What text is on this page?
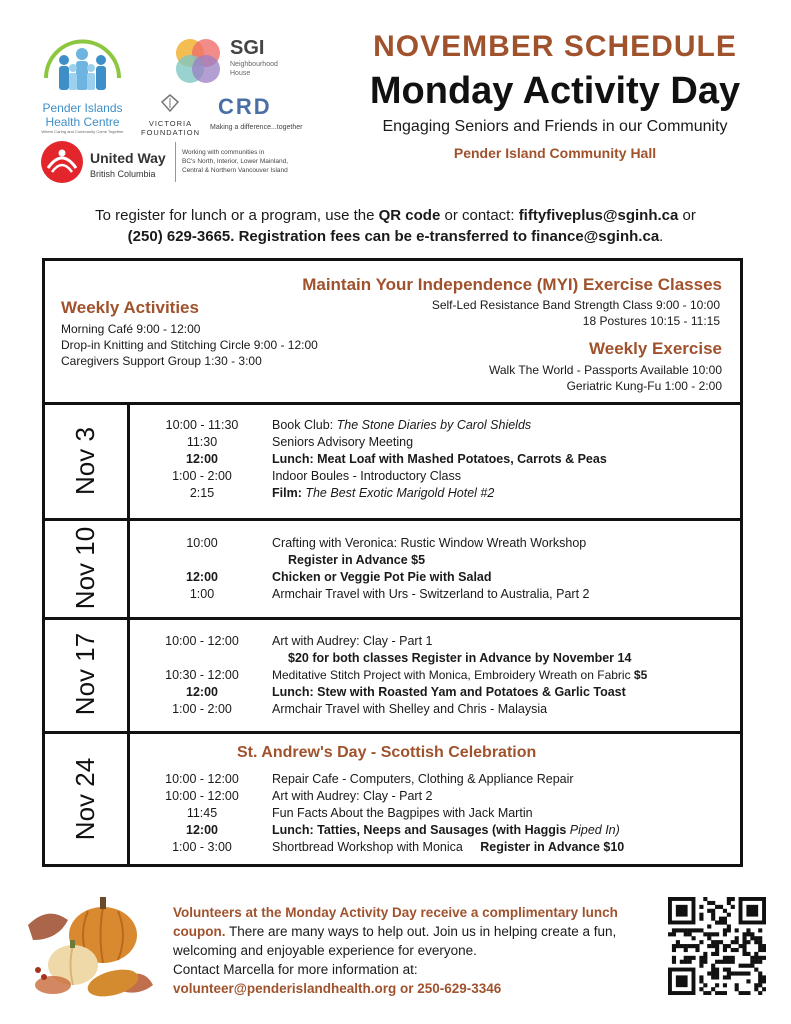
Pender Islands
Health Centre
Where Caring and Community Come Together
SGI
Neighbourhood
House
VICTORIA FOUNDATION
CRD
Making a difference...together
United Way
British Columbia
Working with communities in
BC's North, Interior, Lower Mainland,
Central & Northern Vancouver Island
NOVEMBER SCHEDULE
Monday Activity Day
Engaging Seniors and Friends in our Community
Pender Island Community Hall
To register for lunch or a program, use the QR code or contact: fiftyfiveplus@sginh.ca or
(250) 629-3665. Registration fees can be e-transferred to finance@sginh.ca.
Weekly Activities
Morning Café 9:00 - 12:00
Drop-in Knitting and Stitching Circle 9:00 - 12:00
Caregivers Support Group 1:30 - 3:00
Maintain Your Independence (MYI) Exercise Classes
Self-Led Resistance Band Strength Class 9:00 - 10:00
18 Postures 10:15 - 11:15
Weekly Exercise
Walk The World - Passports Available 10:00
Geriatric Kung-Fu 1:00 - 2:00
Nov 3
10:00 - 11:30	Book Club: The Stone Diaries by Carol Shields
11:30	Seniors Advisory Meeting
12:00	Lunch: Meat Loaf with Mashed Potatoes, Carrots & Peas
1:00 - 2:00	Indoor Boules - Introductory Class
2:15	Film: The Best Exotic Marigold Hotel #2
Nov 10	10:00	Crafting with Veronica: Rustic Window Wreath Workshop
Register in Advance $5
12:00	Chicken or Veggie Pot Pie with Salad
1:00	Armchair Travel with Urs - Switzerland to Australia, Part 2
Nov 17	10:00 - 12:00	Art with Audrey: Clay - Part 1
$20 for both classes Register in Advance by November 14
10:30 - 12:00	Meditative Stitch Project with Monica, Embroidery Wreath on Fabric $5
12:00	Lunch: Stew with Roasted Yam and Potatoes & Garlic Toast
1:00 - 2:00	Armchair Travel with Shelley and Chris - Malaysia
Nov 24
St. Andrew's Day - Scottish Celebration
10:00 - 12:00	Repair Cafe - Computers, Clothing & Appliance Repair
10:00 - 12:00	Art with Audrey: Clay - Part 2
11:45	Fun Facts About the Bagpipes with Jack Martin
12:00	Lunch: Tatties, Neeps and Sausages (with Haggis Piped In)
1:00 - 3:00	Shortbread Workshop with Monica Register in Advance $10
Volunteers at the Monday Activity Day receive a complimentary lunch coupon. There are many ways to help out. Join us in helping create a fun, welcoming and enjoyable experience for everyone.
Contact Marcella for more information at:
volunteer@penderislandhealth.org or 250-629-3346
